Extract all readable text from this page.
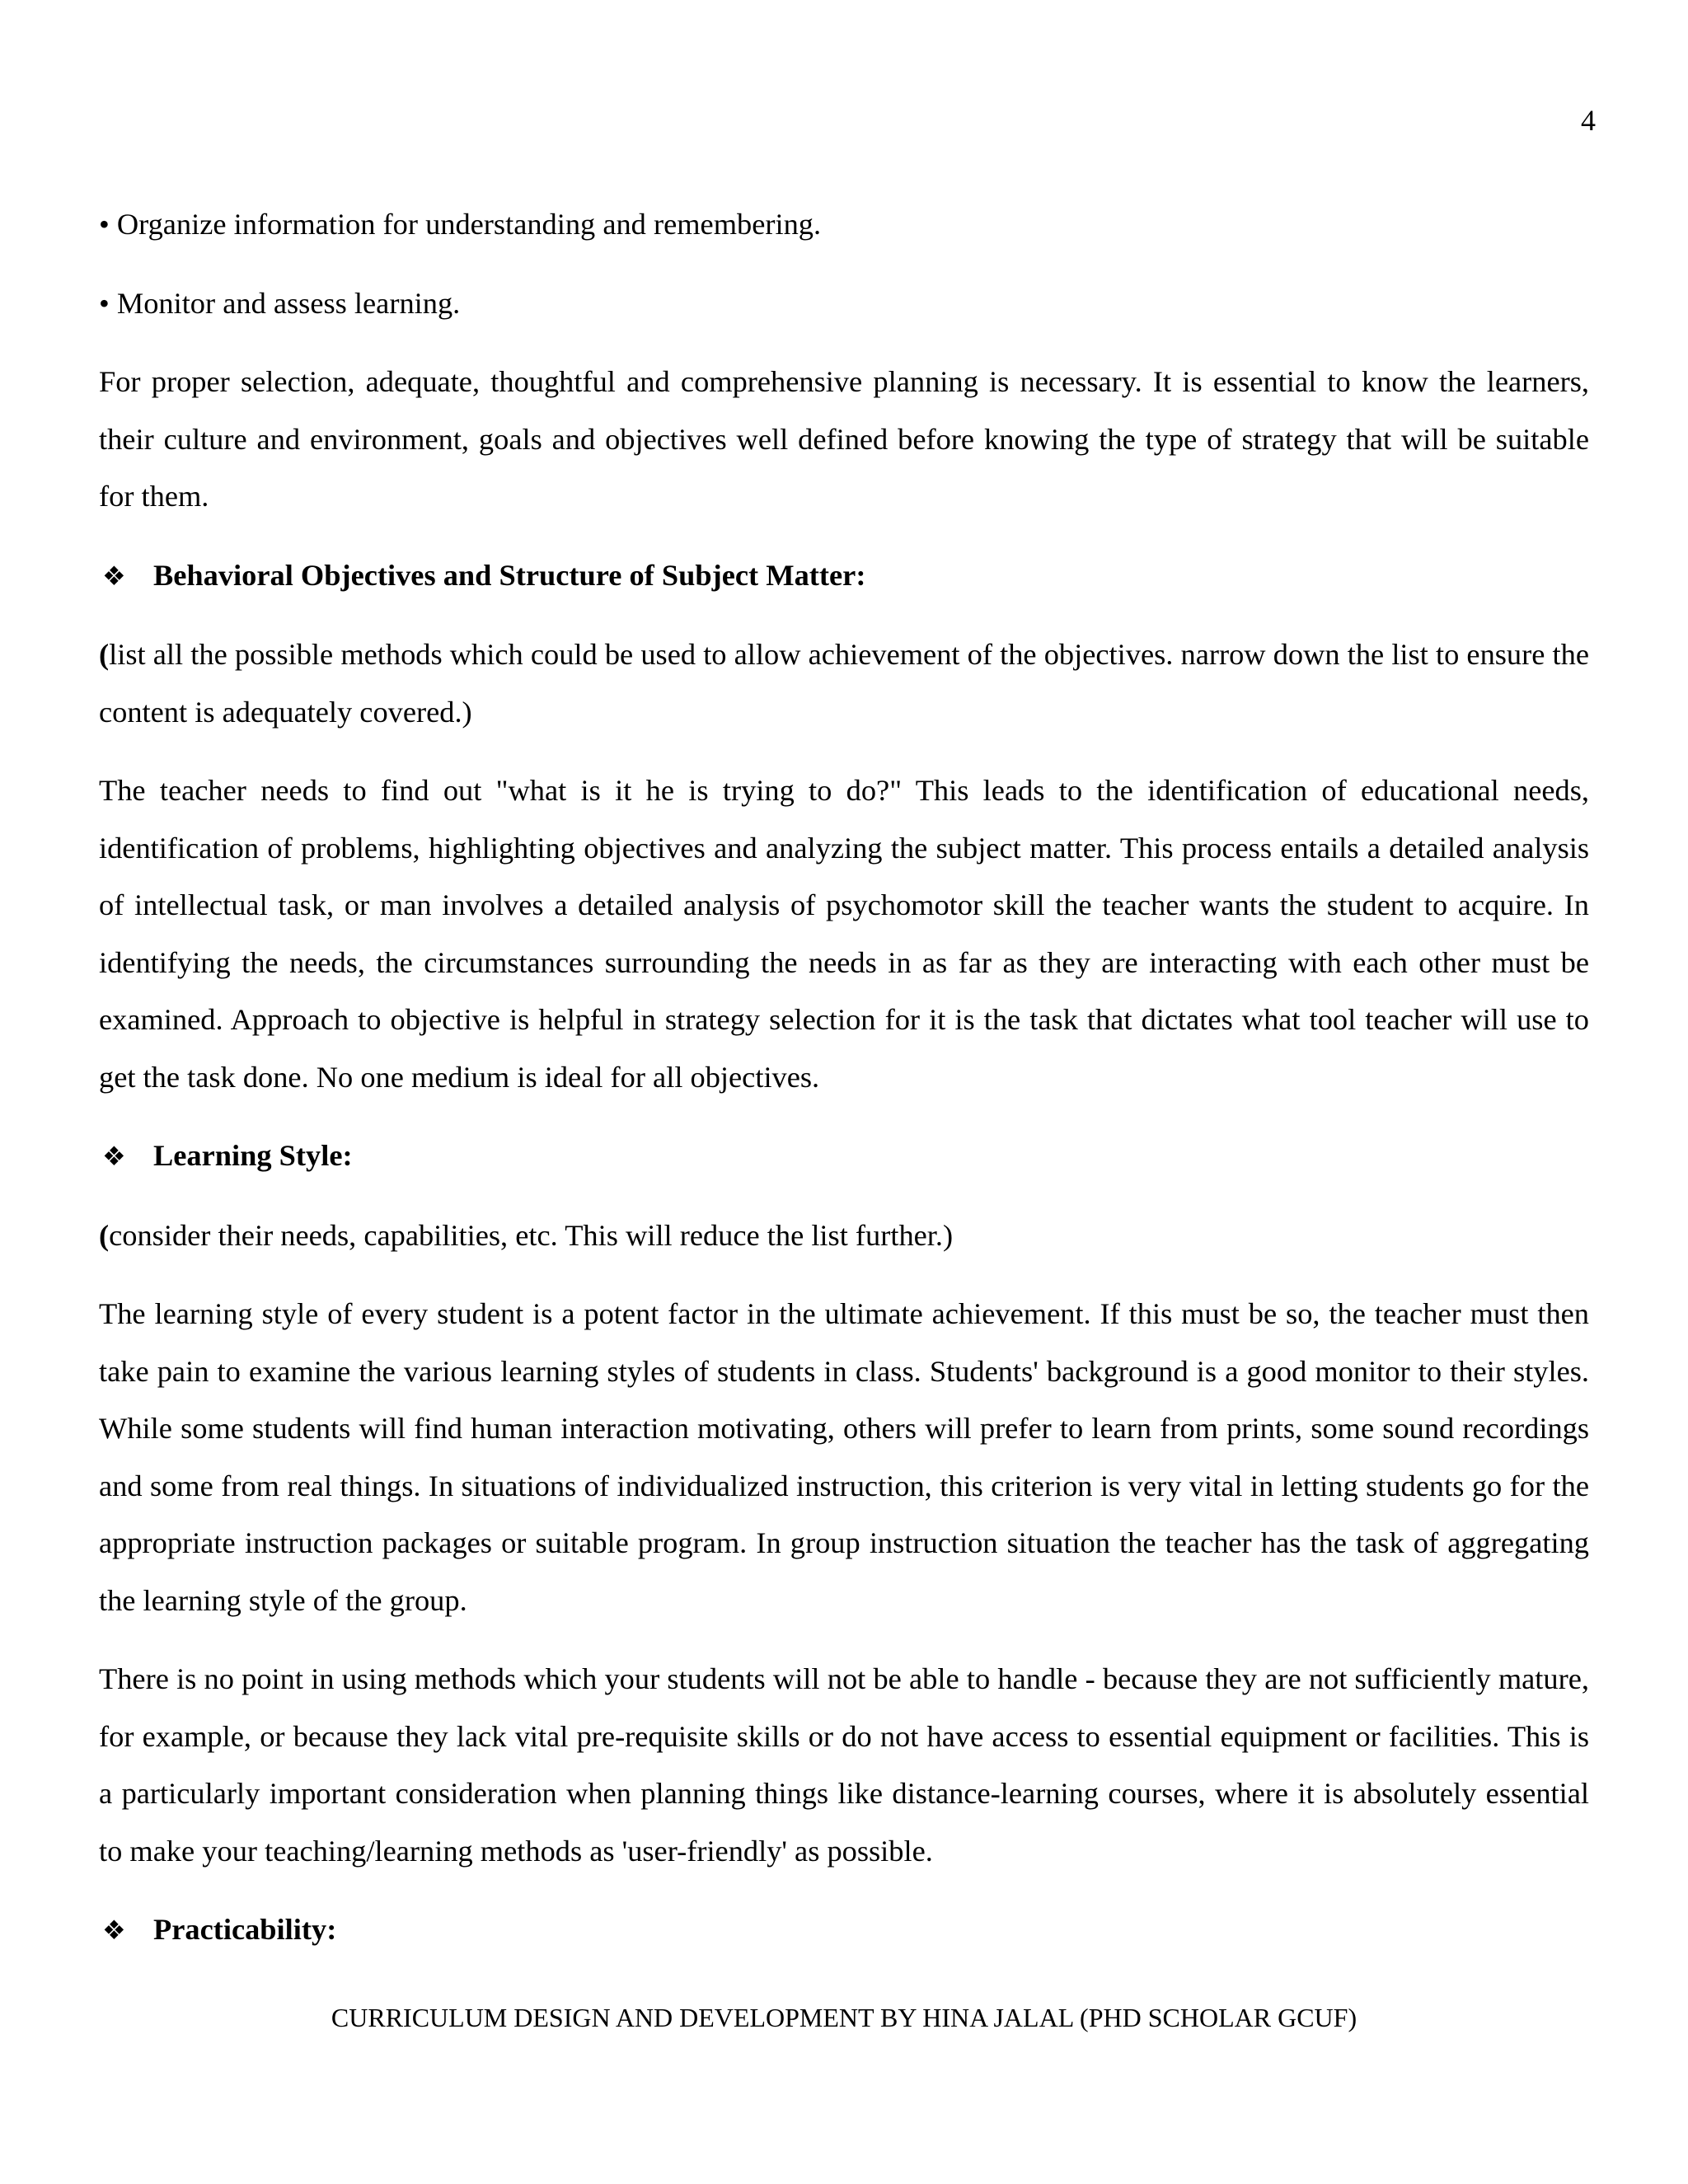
4

• Organize information for understanding and remembering.

• Monitor and assess learning.

For proper selection, adequate, thoughtful and comprehensive planning is necessary. It is essential to know the learners, their culture and environment, goals and objectives well defined before knowing the type of strategy that will be suitable for them.

❖ Behavioral Objectives and Structure of Subject Matter:

(list all the possible methods which could be used to allow achievement of the objectives. narrow down the list to ensure the content is adequately covered.)

The teacher needs to find out "what is it he is trying to do?" This leads to the identification of educational needs, identification of problems, highlighting objectives and analyzing the subject matter. This process entails a detailed analysis of intellectual task, or man involves a detailed analysis of psychomotor skill the teacher wants the student to acquire. In identifying the needs, the circumstances surrounding the needs in as far as they are interacting with each other must be examined. Approach to objective is helpful in strategy selection for it is the task that dictates what tool teacher will use to get the task done. No one medium is ideal for all objectives.

❖ Learning Style:

(consider their needs, capabilities, etc. This will reduce the list further.)

The learning style of every student is a potent factor in the ultimate achievement. If this must be so, the teacher must then take pain to examine the various learning styles of students in class. Students' background is a good monitor to their styles. While some students will find human interaction motivating, others will prefer to learn from prints, some sound recordings and some from real things. In situations of individualized instruction, this criterion is very vital in letting students go for the appropriate instruction packages or suitable program. In group instruction situation the teacher has the task of aggregating the learning style of the group.

There is no point in using methods which your students will not be able to handle - because they are not sufficiently mature, for example, or because they lack vital pre-requisite skills or do not have access to essential equipment or facilities. This is a particularly important consideration when planning things like distance-learning courses, where it is absolutely essential to make your teaching/learning methods as 'user-friendly' as possible.

❖ Practicability:

CURRICULUM DESIGN AND DEVELOPMENT BY HINA JALAL (PHD SCHOLAR GCUF)
